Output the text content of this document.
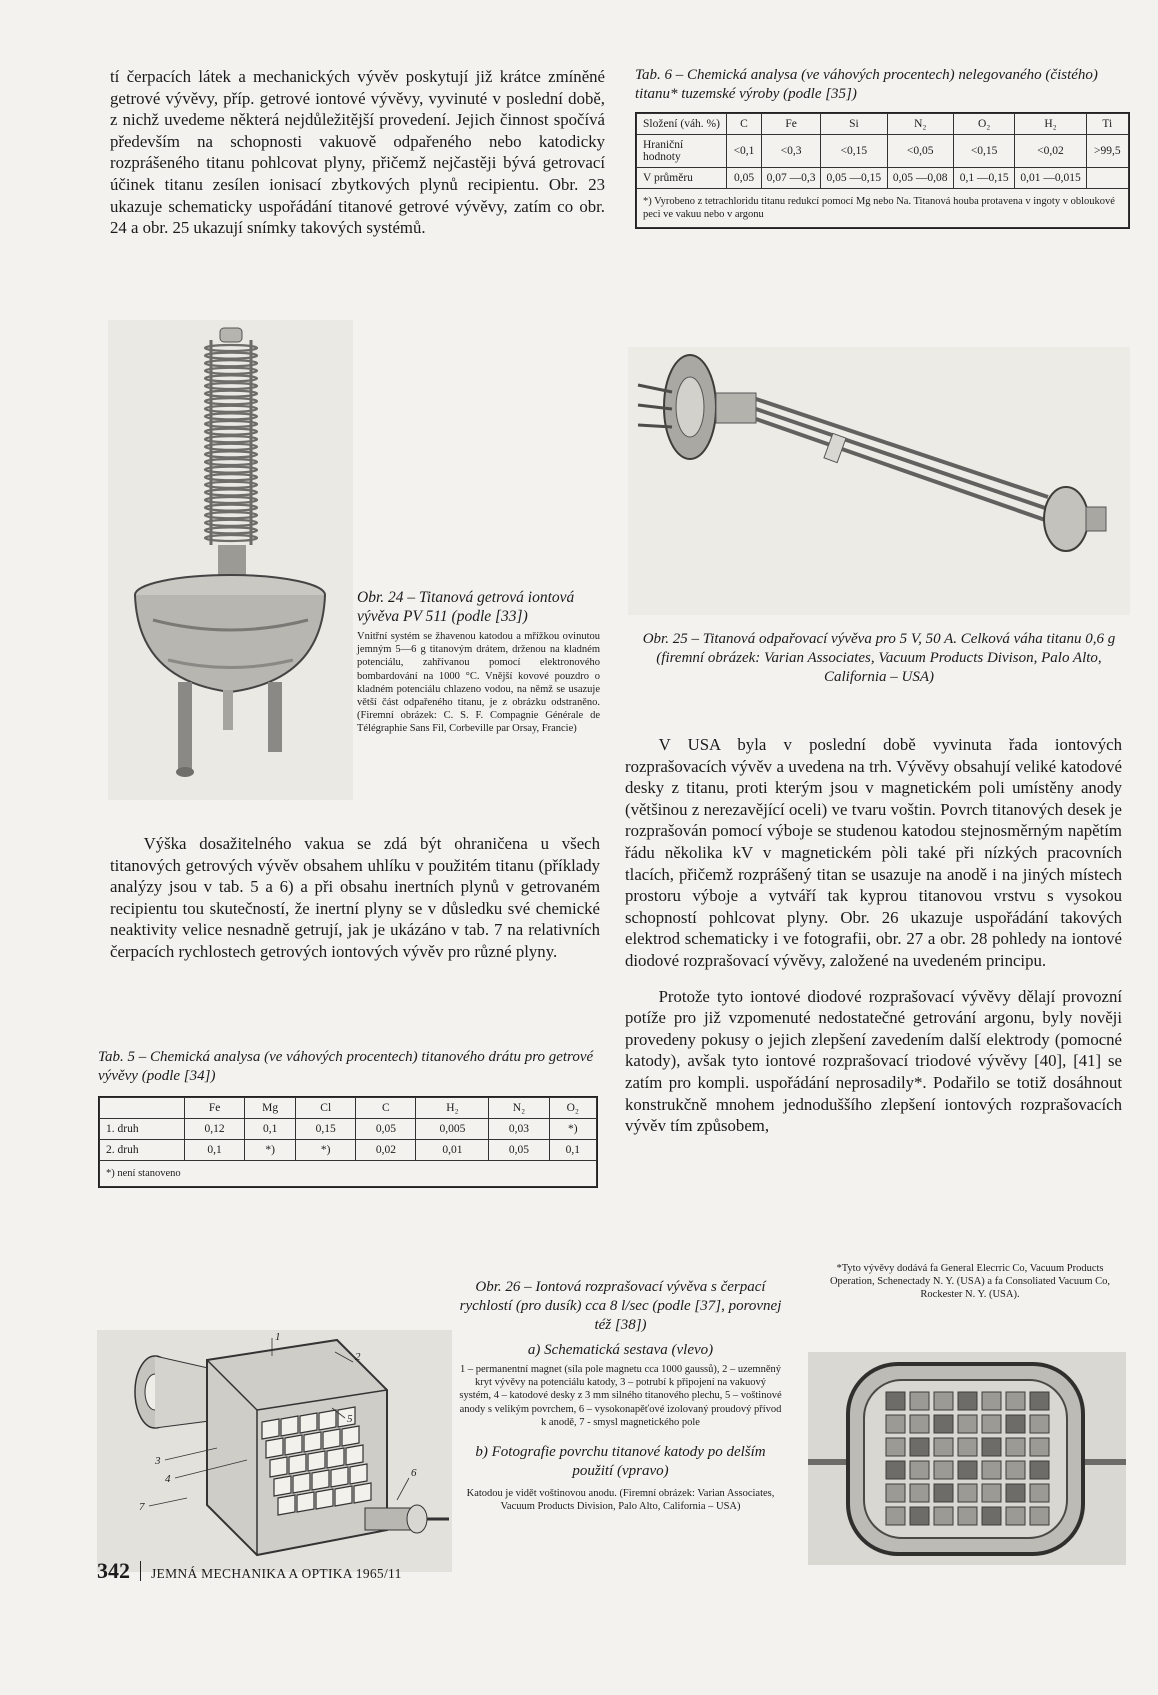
tí čerpacích látek a mechanických vývěv poskytují již krátce zmíněné getrové vývěvy, příp. getrové iontové vývěvy, vyvinuté v poslední době, z nichž uvedeme některá nejdůležitější provedení. Jejich činnost spočívá především na schopnosti vakuově odpařeného nebo katodicky rozprášeného titanu pohlcovat plyny, přičemž nejčastěji bývá getrovací účinek titanu zesílen ionisací zbytkových plynů recipientu. Obr. 23 ukazuje schematicky uspořádání titanové getrové vývěvy, zatím co obr. 24 a obr. 25 ukazují snímky takových systémů.

Tab. 6 – Chemická analysa (ve váhových procentech) nelegovaného (čistého) titanu* tuzemské výroby (podle [35])

Složení (váh. %)	C	Fe	Si	N₂	O₂	H₂	Ti
Hraniční hodnoty	<0,1	<0,3	<0,15	<0,05	<0,15	<0,02	>99,5
V průměru	0,05	0,07 —0,3	0,05 —0,15	0,05 —0,08	0,1 —0,15	0,01 —0,015	
*) Vyrobeno z tetrachloridu titanu redukcí pomocí Mg nebo Na. Titanová houba protavena v ingoty v obloukové peci ve vakuu nebo v argonu							

Obr. 24 – Titanová getrová iontová vývěva PV 511 (podle [33])

Vnitřní systém se žhavenou katodou a mřížkou ovinutou jemným 5—6 g titanovým drátem, drženou na kladném potenciálu, zahřívanou pomocí elektronového bombardování na 1000 °C. Vnější kovové pouzdro o kladném potenciálu chlazeno vodou, na němž se usazuje větší část odpařeného titanu, je z obrázku odstraněno. (Firemní obrázek: C. S. F. Compagnie Générale de Télégraphie Sans Fil, Corbeville par Orsay, Francie)

Obr. 25 – Titanová odpařovací vývěva pro 5 V, 50 A. Celková váha titanu 0,6 g (firemní obrázek: Varian Associates, Vacuum Products Divison, Palo Alto, California – USA)

V USA byla v poslední době vyvinuta řada iontových rozprašovacích vývěv a uvedena na trh. Vývěvy obsahují veliké katodové desky z titanu, proti kterým jsou v magnetickém poli umístěny anody (většinou z nerezavějící oceli) ve tvaru voštin. Povrch titanových desek je rozprašován pomocí výboje se studenou katodou stejnosměrným napětím řádu několika kV v magnetickém pòli také při nízkých pracovních tlacích, přičemž rozprášený titan se usazuje na anodě i na jiných místech prostoru výboje a vytváří tak kyprou titanovou vrstvu s vysokou schopností pohlcovat plyny. Obr. 26 ukazuje uspořádání takových elektrod schematicky i ve fotografii, obr. 27 a obr. 28 pohledy na iontové diodové rozprašovací vývěvy, založené na uvedeném principu.

Protože tyto iontové diodové rozprašovací vývěvy dělají provozní potíže pro již vzpomenuté nedostatečné getrování argonu, byly nověji provedeny pokusy o jejich zlepšení zavedením další elektrody (pomocné katody), avšak tyto iontové rozprašovací triodové vývěvy [40], [41] se zatím pro kompli. uspořádání neprosadily*. Podařilo se totiž dosáhnout konstrukčně mnohem jednoduššího zlepšení iontových rozprašovacích vývěv tím způsobem,

Výška dosažitelného vakua se zdá být ohraničena u všech titanových getrových vývěv obsahem uhlíku v použitém titanu (příklady analýzy jsou v tab. 5 a 6) a při obsahu inertních plynů v getrovaném recipientu tou skutečností, že inertní plyny se v důsledku své chemické neaktivity velice nesnadně getrují, jak je ukázáno v tab. 7 na relativních čerpacích rychlostech getrových iontových vývěv pro různé plyny.

Tab. 5 – Chemická analysa (ve váhových procentech) titanového drátu pro getrové vývěvy (podle [34])

	Fe	Mg	Cl	C	H₂	N₂	O₂
1. druh	0,12	0,1	0,15	0,05	0,005	0,03	*)
2. druh	0,1	*)	*)	0,02	0,01	0,05	0,1
*) není stanoveno							

*Tyto vývěvy dodává fa General Elecrric Co, Vacuum Products Operation, Schenectady N. Y. (USA) a fa Consoliated Vacuum Co, Rockester N. Y. (USA).

Obr. 26 – Iontová rozprašovací vývěva s čerpací rychlostí (pro dusík) cca 8 l/sec (podle [37], porovnej též [38])

a) Schematická sestava (vlevo)

1 – permanentní magnet (síla pole magnetu cca 1000 gaussů), 2 – uzemněný kryt vývěvy na potenciálu katody, 3 – potrubí k připojení na vakuový systém, 4 – katodové desky z 3 mm silného titanového plechu, 5 – voštinové anody s velikým povrchem, 6 – vysokonapěťové izolovaný proudový přívod k anodě, 7 - smysl magnetického pole

b) Fotografie povrchu titanové katody po delším použití (vpravo)

Katodou je vidět voštinovou anodu. (Firemní obrázek: Varian Associates, Vacuum Products Division, Palo Alto, California – USA)

1
2
3
4
5
6
7
342 JEMNÁ MECHANIKA A OPTIKA 1965/11
